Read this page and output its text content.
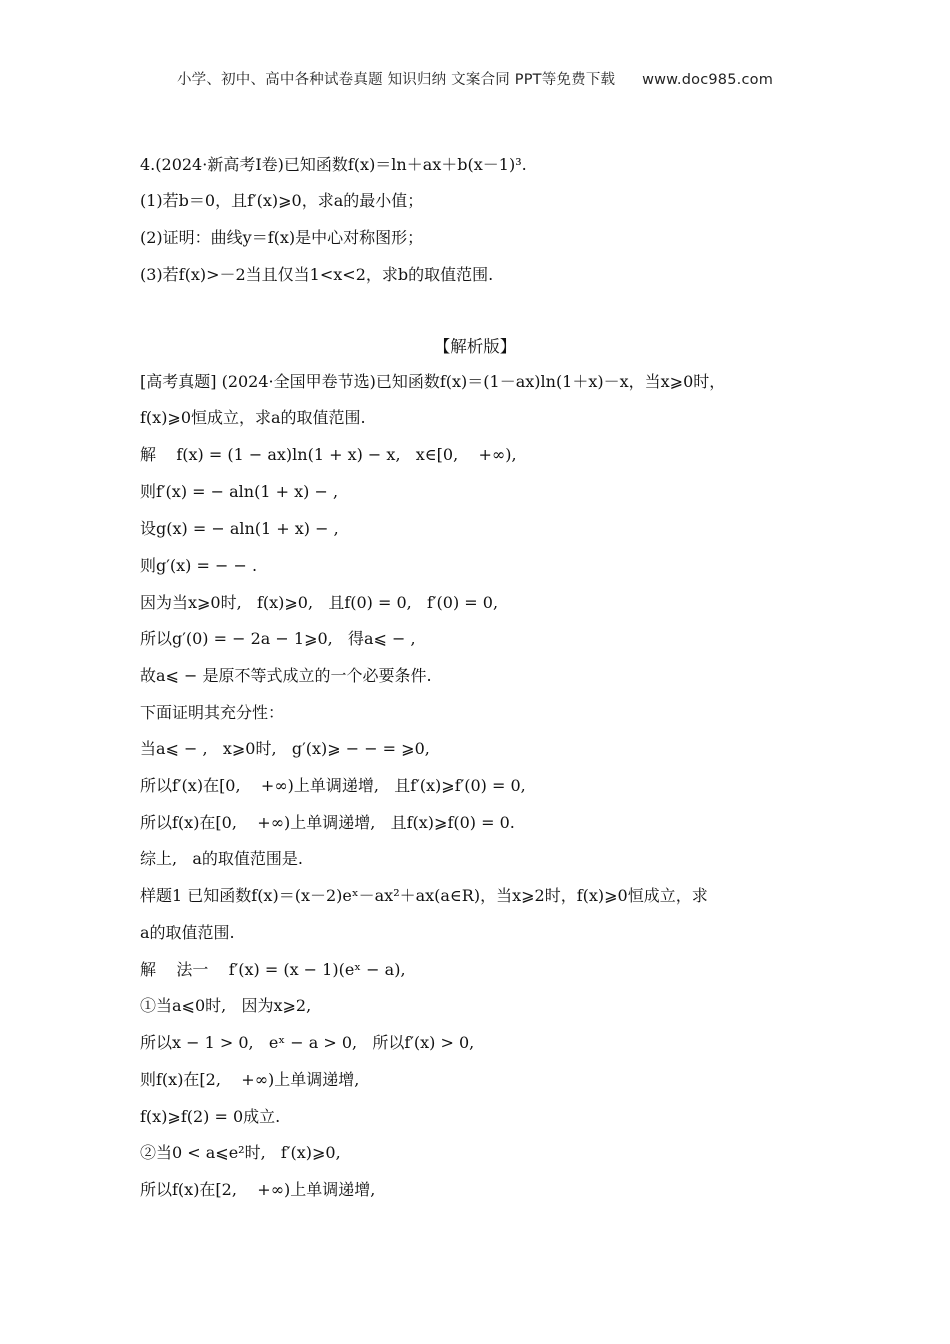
小学、初中、高中各种试卷真题 知识归纳 文案合同 PPT等免费下载 www.doc985.com
4.(2024·新高考Ⅰ卷)已知函数f(x)＝ln＋ax＋b(x－1)³.
(1)若b＝0，且f′(x)⩾0，求a的最小值；
(2)证明：曲线y＝f(x)是中心对称图形；
(3)若f(x)>－2当且仅当1<x<2，求b的取值范围.
【解析版】
[高考真题] (2024·全国甲卷节选)已知函数f(x)＝(1－ax)ln(1＋x)－x，当x⩾0时，
f(x)⩾0恒成立，求a的取值范围.
解    f(x) = (1 − ax)ln(1 + x) − x,   x∈[0,    +∞),
则f′(x) = − aln(1 + x) − ,
设g(x) = − aln(1 + x) − ,
则g′(x) = − − .
因为当x⩾0时,   f(x)⩾0,   且f(0) = 0,   f′(0) = 0,
所以g′(0) = − 2a − 1⩾0,   得a⩽ − ,
故a⩽ − 是原不等式成立的一个必要条件.
下面证明其充分性：
当a⩽ − ,   x⩾0时,   g′(x)⩾ − − = ⩾0,
所以f′(x)在[0,    +∞)上单调递增,   且f′(x)⩾f′(0) = 0,
所以f(x)在[0,    +∞)上单调递增,   且f(x)⩾f(0) = 0.
综上,   a的取值范围是.
样题1 已知函数f(x)＝(x－2)eˣ－ax²＋ax(a∈R)，当x⩾2时，f(x)⩾0恒成立，求
a的取值范围.
解    法一    f′(x) = (x − 1)(eˣ − a),
①当a⩽0时,   因为x⩾2,
所以x − 1 > 0,   eˣ − a > 0,   所以f′(x) > 0,
则f(x)在[2,    +∞)上单调递增,
f(x)⩾f(2) = 0成立.
②当0 < a⩽e²时,   f′(x)⩾0,
所以f(x)在[2,    +∞)上单调递增,
